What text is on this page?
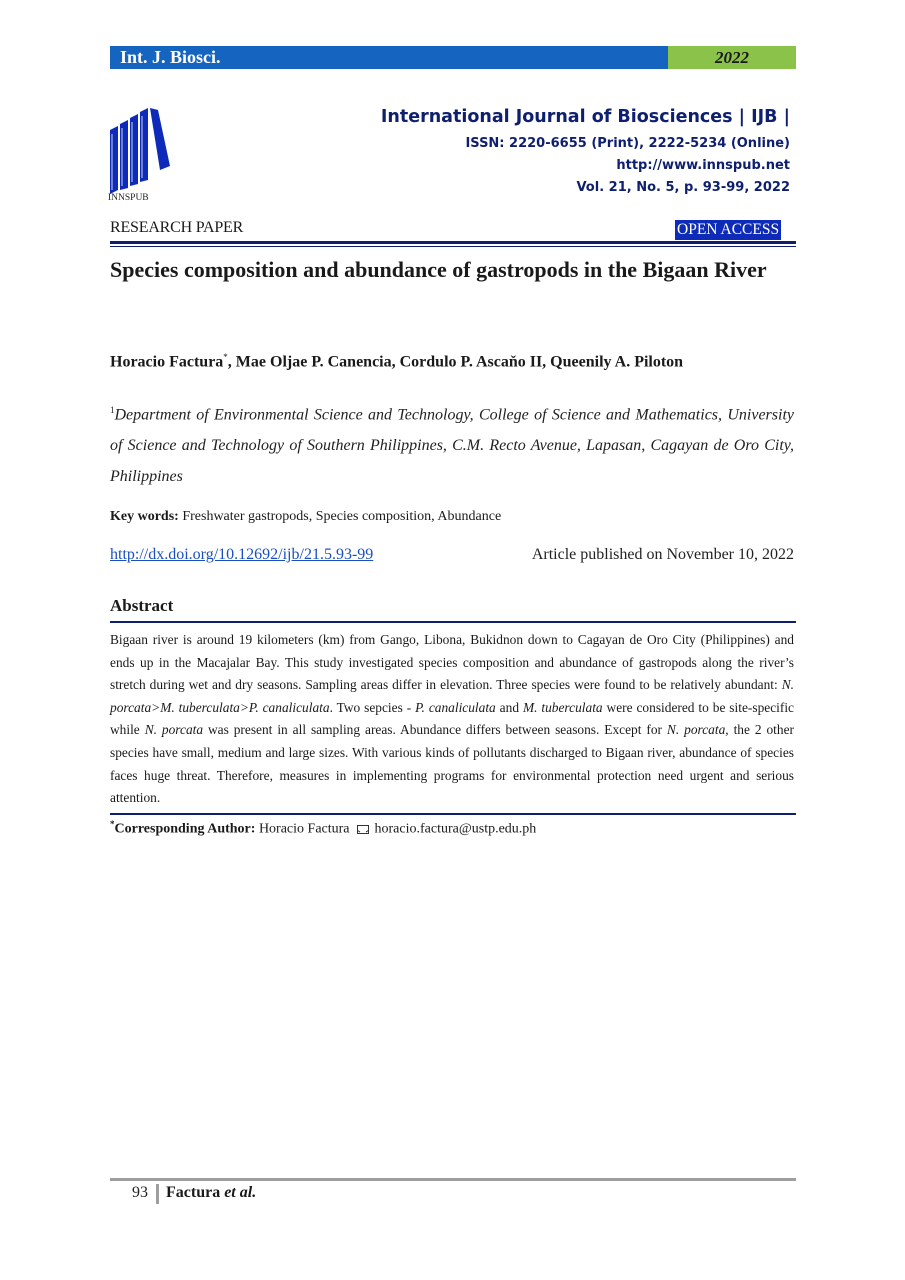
Int. J. Biosci.	2022
INNSPUB
International Journal of Biosciences | IJB |
ISSN: 2220-6655 (Print), 2222-5234 (Online)
http://www.innspub.net
Vol. 21, No. 5, p. 93-99, 2022
RESEARCH PAPER	OPEN ACCESS
Species composition and abundance of gastropods in the Bigaan River
Horacio Factura*, Mae Oljae P. Canencia, Cordulo P. Ascaňo II, Queenily A. Piloton
$^1$Department of Environmental Science and Technology, College of Science and Mathematics, University of Science and Technology of Southern Philippines, C.M. Recto Avenue, Lapasan, Cagayan de Oro City, Philippines
Key words: Freshwater gastropods, Species composition, Abundance
http://dx.doi.org/10.12692/ijb/21.5.93-99	Article published on November 10, 2022
Abstract
Bigaan river is around 19 kilometers (km) from Gango, Libona, Bukidnon down to Cagayan de Oro City (Philippines) and ends up in the Macajalar Bay. This study investigated species composition and abundance of gastropods along the river’s stretch during wet and dry seasons. Sampling areas differ in elevation. Three species were found to be relatively abundant: N. porcata>M. tuberculata>P. canaliculata. Two sepcies - P. canaliculata and M. tuberculata were considered to be site-specific while N. porcata was present in all sampling areas. Abundance differs between seasons. Except for N. porcata, the 2 other species have small, medium and large sizes. With various kinds of pollutants discharged to Bigaan river, abundance of species faces huge threat. Therefore, measures in implementing programs for environmental protection need urgent and serious attention.
*Corresponding Author: Horacio Factura  horacio.factura@ustp.edu.ph
93 Factura et al.
